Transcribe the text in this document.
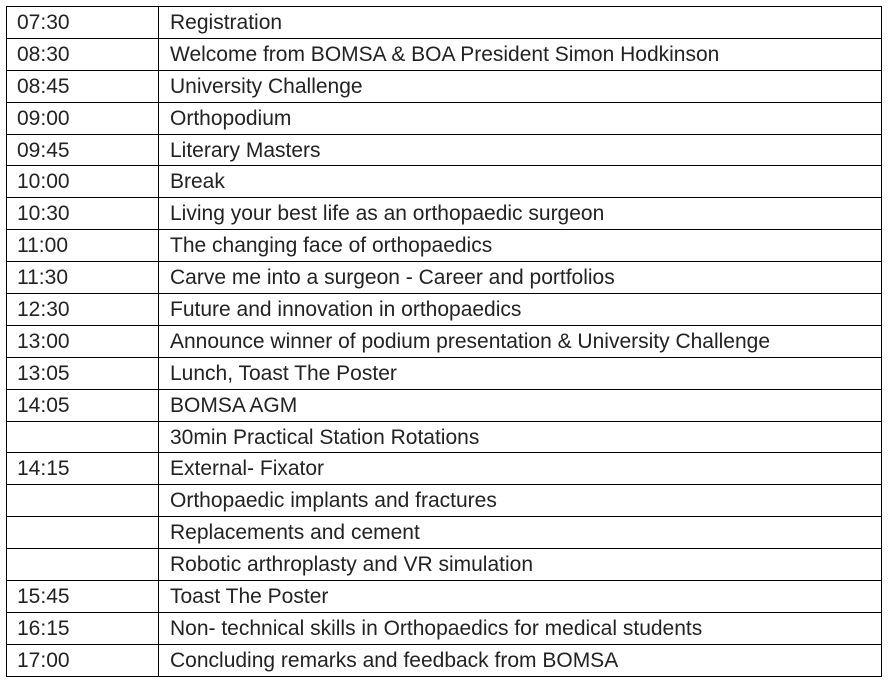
07:30	Registration
08:30	Welcome from BOMSA & BOA President Simon Hodkinson
08:45	University Challenge
09:00	Orthopodium
09:45	Literary Masters
10:00	Break
10:30	Living your best life as an orthopaedic surgeon
11:00	The changing face of orthopaedics
11:30	Carve me into a surgeon - Career and portfolios
12:30	Future and innovation in orthopaedics
13:00	Announce winner of podium presentation & University Challenge
13:05	Lunch, Toast The Poster
14:05	BOMSA AGM
	30min Practical Station Rotations
14:15	External- Fixator
	Orthopaedic implants and fractures
	Replacements and cement
	Robotic arthroplasty and VR simulation
15:45	Toast The Poster
16:15	Non- technical skills in Orthopaedics for medical students
17:00	Concluding remarks and feedback from BOMSA
